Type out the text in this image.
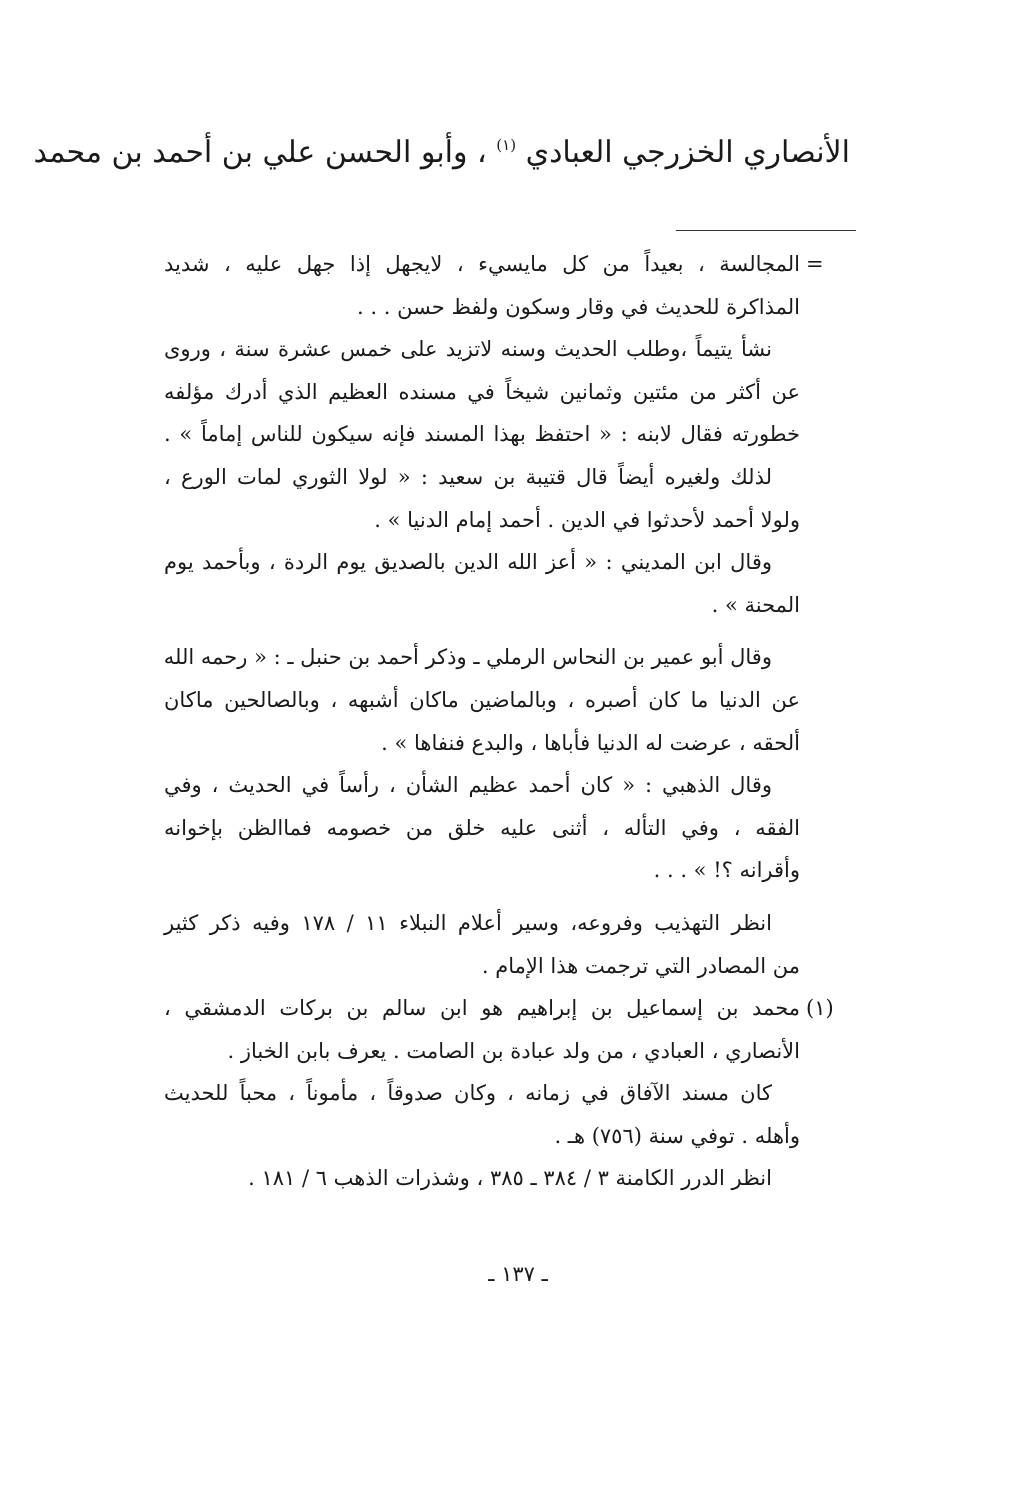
الأنصاري الخزرجي العبادي $^{(١)}$ ، وأبو الحسن علي بن أحمد بن محمد
=
المجالسة ، بعيداً من كل مايسيء ، لايجهل إذا جهل عليه ، شديد
المذاكرة للحديث في وقار وسكون ولفظ حسن . . .
نشأ يتيماً ،وطلب الحديث وسنه لاتزيد على خمس عشرة سنة ، وروى
عن أكثر من مئتين وثمانين شيخاً في مسنده العظيم الذي أدرك مؤلفه
خطورته فقال لابنه : « احتفظ بهذا المسند فإنه سيكون للناس إماماً » .
لذلك ولغيره أيضاً قال قتيبة بن سعيد : « لولا الثوري لمات الورع ،
ولولا أحمد لأحدثوا في الدين . أحمد إمام الدنيا » .
وقال ابن المديني : « أعز الله الدين بالصديق يوم الردة ، وبأحمد يوم
المحنة » .
وقال أبو عمير بن النحاس الرملي ـ وذكر أحمد بن حنبل ـ : « رحمه الله
عن الدنيا ما كان أصبره ، وبالماضين ماكان أشبهه ، وبالصالحين ماكان
ألحقه ، عرضت له الدنيا فأباها ، والبدع فنفاها » .
وقال الذهبي : « كان أحمد عظيم الشأن ، رأساً في الحديث ، وفي
الفقه ، وفي التأله ، أثنى عليه خلق من خصومه فماالظن بإخوانه
وأقرانه ؟! » . . .
انظر التهذيب وفروعه، وسير أعلام النبلاء ١١ / ١٧٨ وفيه ذكر كثير
من المصادر التي ترجمت هذا الإمام .
(١)
محمد بن إسماعيل بن إبراهيم هو ابن سالم بن بركات الدمشقي ،
الأنصاري ، العبادي ، من ولد عبادة بن الصامت . يعرف بابن الخباز .
كان مسند الآفاق في زمانه ، وكان صدوقاً ، مأموناً ، محباً للحديث
وأهله . توفي سنة (٧٥٦) هـ .
انظر الدرر الكامنة ٣ / ٣٨٤ ـ ٣٨٥ ، وشذرات الذهب ٦ / ١٨١ .
ـ ١٣٧ ـ
